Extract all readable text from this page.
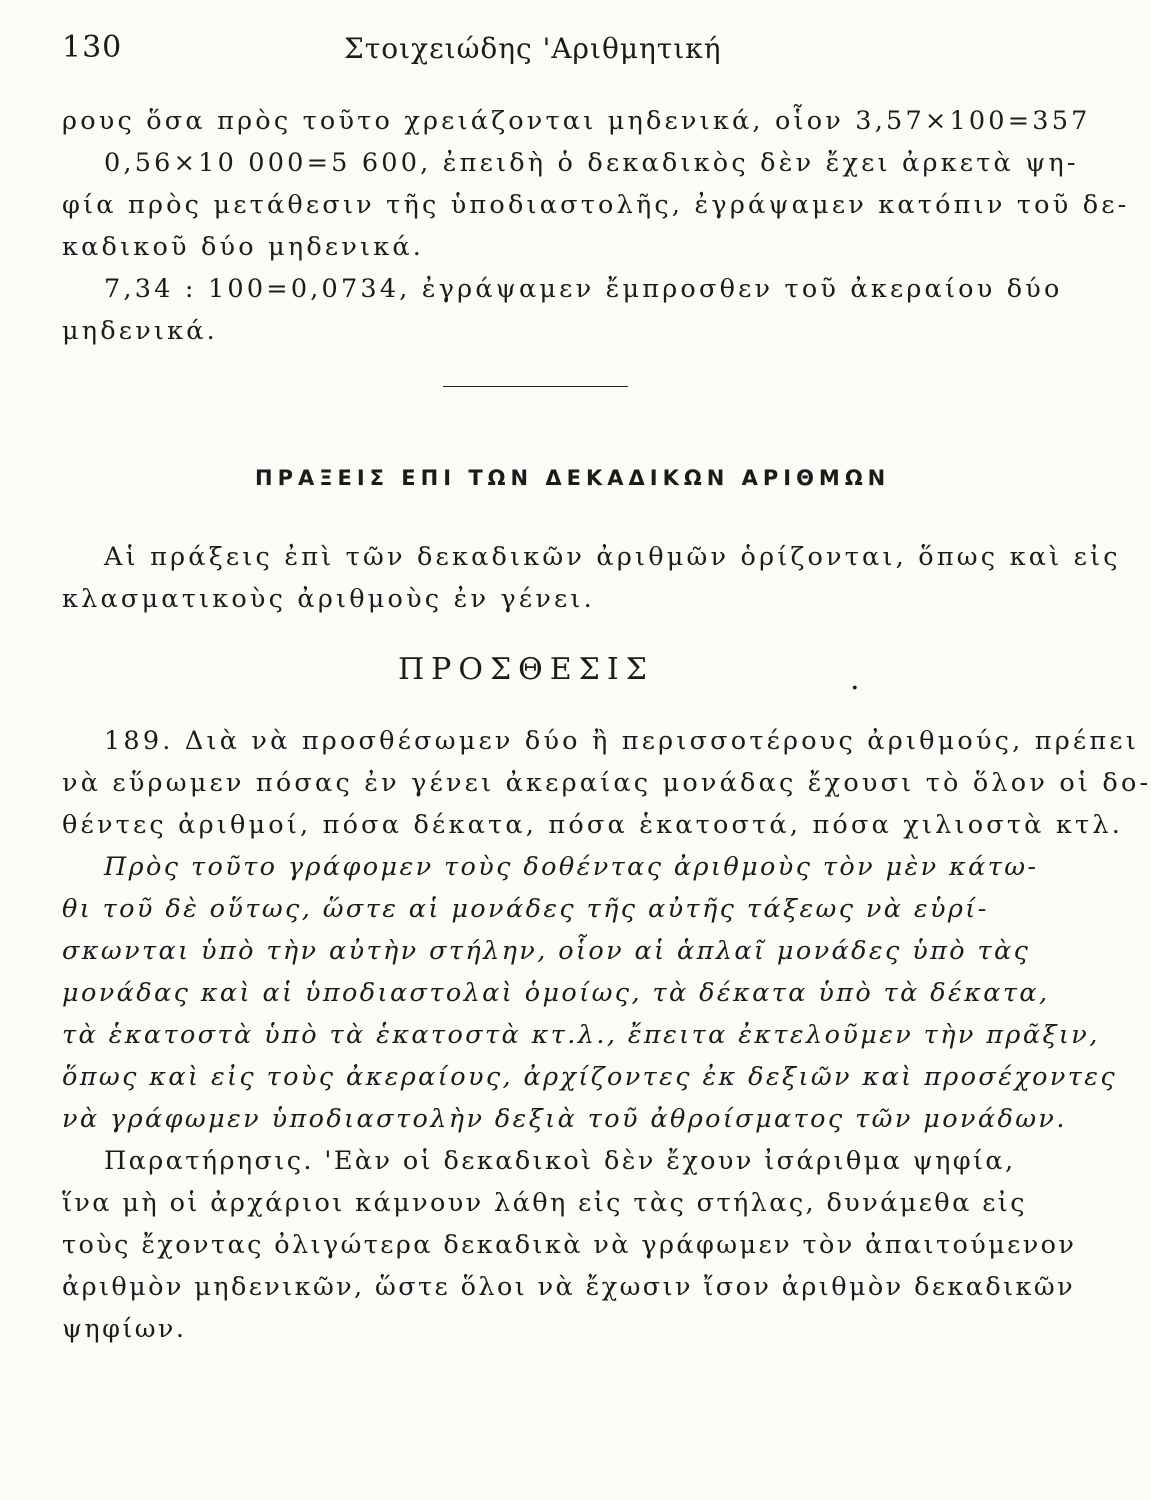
130	Στοιχειώδης 'Αριθμητική
ρους ὅσα πρὸς τοῦτο χρειάζονται μηδενικά, οἷον 3,57×100=357
0,56×10 000=5 600, ἐπειδὴ ὁ δεκαδικὸς δὲν ἔχει ἀρκετὰ ψη-
φία πρὸς μετάθεσιν τῆς ὑποδιαστολῆς, ἐγράψαμεν κατόπιν τοῦ δε-
καδικοῦ δύο μηδενικά.
7,34 : 100=0,0734, ἐγράψαμεν ἔμπροσθεν τοῦ ἀκεραίου δύο
μηδενικά.
ΠΡΑΞΕΙΣ ΕΠΙ ΤΩΝ ΔΕΚΑΔΙΚΩΝ ΑΡΙΘΜΩΝ
Αἱ πράξεις ἐπὶ τῶν δεκαδικῶν ἀριθμῶν ὁρίζονται, ὅπως καὶ εἰς
κλασματικοὺς ἀριθμοὺς ἐν γένει.
ΠΡΟΣΘΕΣΙΣ	.
189. Διὰ νὰ προσθέσωμεν δύο ἢ περισσοτέρους ἀριθμούς, πρέπει
νὰ εὕρωμεν πόσας ἐν γένει ἀκεραίας μονάδας ἔχουσι τὸ ὅλον οἱ δο-
θέντες ἀριθμοί, πόσα δέκατα, πόσα ἑκατοστά, πόσα χιλιοστὰ κτλ.
Πρὸς τοῦτο γράφομεν τοὺς δοθέντας ἀριθμοὺς τὸν μὲν κάτω-
θι τοῦ δὲ οὕτως, ὥστε αἱ μονάδες τῆς αὐτῆς τάξεως νὰ εὑρί-
σκωνται ὑπὸ τὴν αὐτὴν στήλην, οἷον αἱ ἁπλαῖ μονάδες ὑπὸ τὰς
μονάδας καὶ αἱ ὑποδιαστολαὶ ὁμοίως, τὰ δέκατα ὑπὸ τὰ δέκατα,
τὰ ἑκατοστὰ ὑπὸ τὰ ἑκατοστὰ κτ.λ., ἔπειτα ἐκτελοῦμεν τὴν πρᾶξιν,
ὅπως καὶ εἰς τοὺς ἀκεραίους, ἀρχίζοντες ἐκ δεξιῶν καὶ προσέχοντες
νὰ γράφωμεν ὑποδιαστολὴν δεξιὰ τοῦ ἀθροίσματος τῶν μονάδων.
Παρατήρησις. 'Εὰν οἱ δεκαδικοὶ δὲν ἔχουν ἰσάριθμα ψηφία,
ἵνα μὴ οἱ ἀρχάριοι κάμνουν λάθη εἰς τὰς στήλας, δυνάμεθα εἰς
τοὺς ἔχοντας ὀλιγώτερα δεκαδικὰ νὰ γράφωμεν τὸν ἀπαιτούμενον
ἀριθμὸν μηδενικῶν, ὥστε ὅλοι νὰ ἔχωσιν ἴσον ἀριθμὸν δεκαδικῶν
ψηφίων.
